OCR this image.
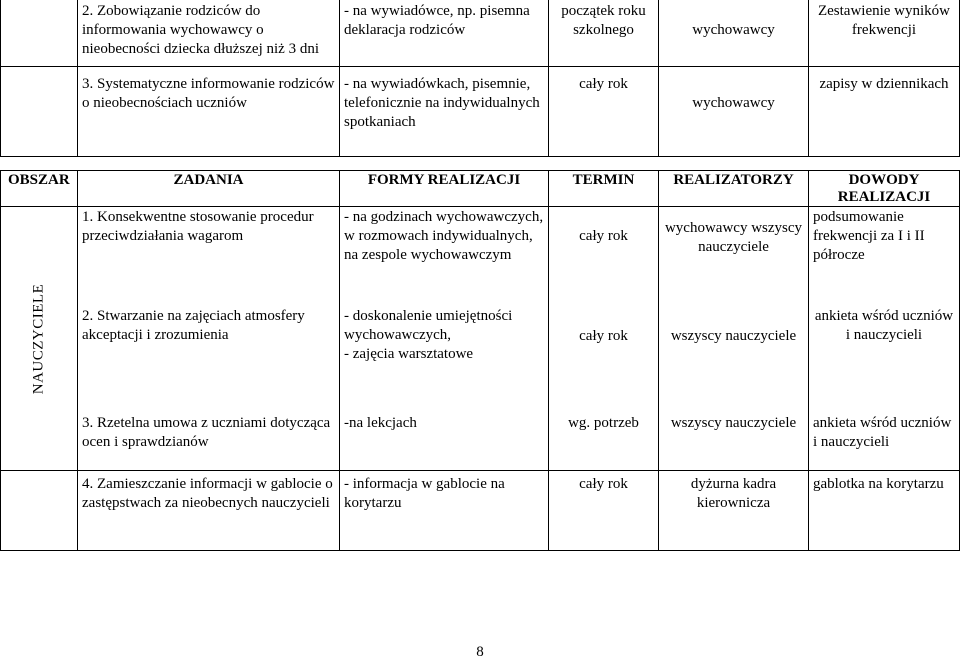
	2. Zobowiązanie rodziców do informowania wychowawcy o nieobecności dziecka dłuższej niż 3 dni	- na wywiadówce, np. pisemna deklaracja rodziców	początek roku szkolnego	wychowawcy	Zestawienie wyników frekwencji
	3. Systematyczne informowanie rodziców o nieobecnościach uczniów	- na wywiadówkach, pisemnie, telefonicznie na indywidualnych spotkaniach	cały rok	wychowawcy	zapisy w dziennikach
OBSZAR	ZADANIA	FORMY REALIZACJI	TERMIN	REALIZATORZY	DOWODY REALIZACJI

NAUCZYCIELE	1. Konsekwentne stosowanie procedur przeciwdziałania wagarom	- na godzinach wychowawczych, w rozmowach indywidualnych, na zespole wychowawczym	cały rok	wychowawcy wszyscy nauczyciele	podsumowanie frekwencji za I i II półrocze
	2. Stwarzanie na zajęciach atmosfery akceptacji i zrozumienia	- doskonalenie umiejętności wychowawczych,
- zajęcia warsztatowe	cały rok	wszyscy nauczyciele	ankieta wśród uczniów i nauczycieli
	3. Rzetelna umowa z uczniami dotycząca ocen i sprawdzianów	-na lekcjach	wg. potrzeb	wszyscy nauczyciele	ankieta wśród uczniów i nauczycieli
	4. Zamieszczanie informacji w gablocie o zastępstwach za nieobecnych nauczycieli	- informacja w gablocie na korytarzu	cały rok	dyżurna kadra kierownicza	gablotka na korytarzu
8
